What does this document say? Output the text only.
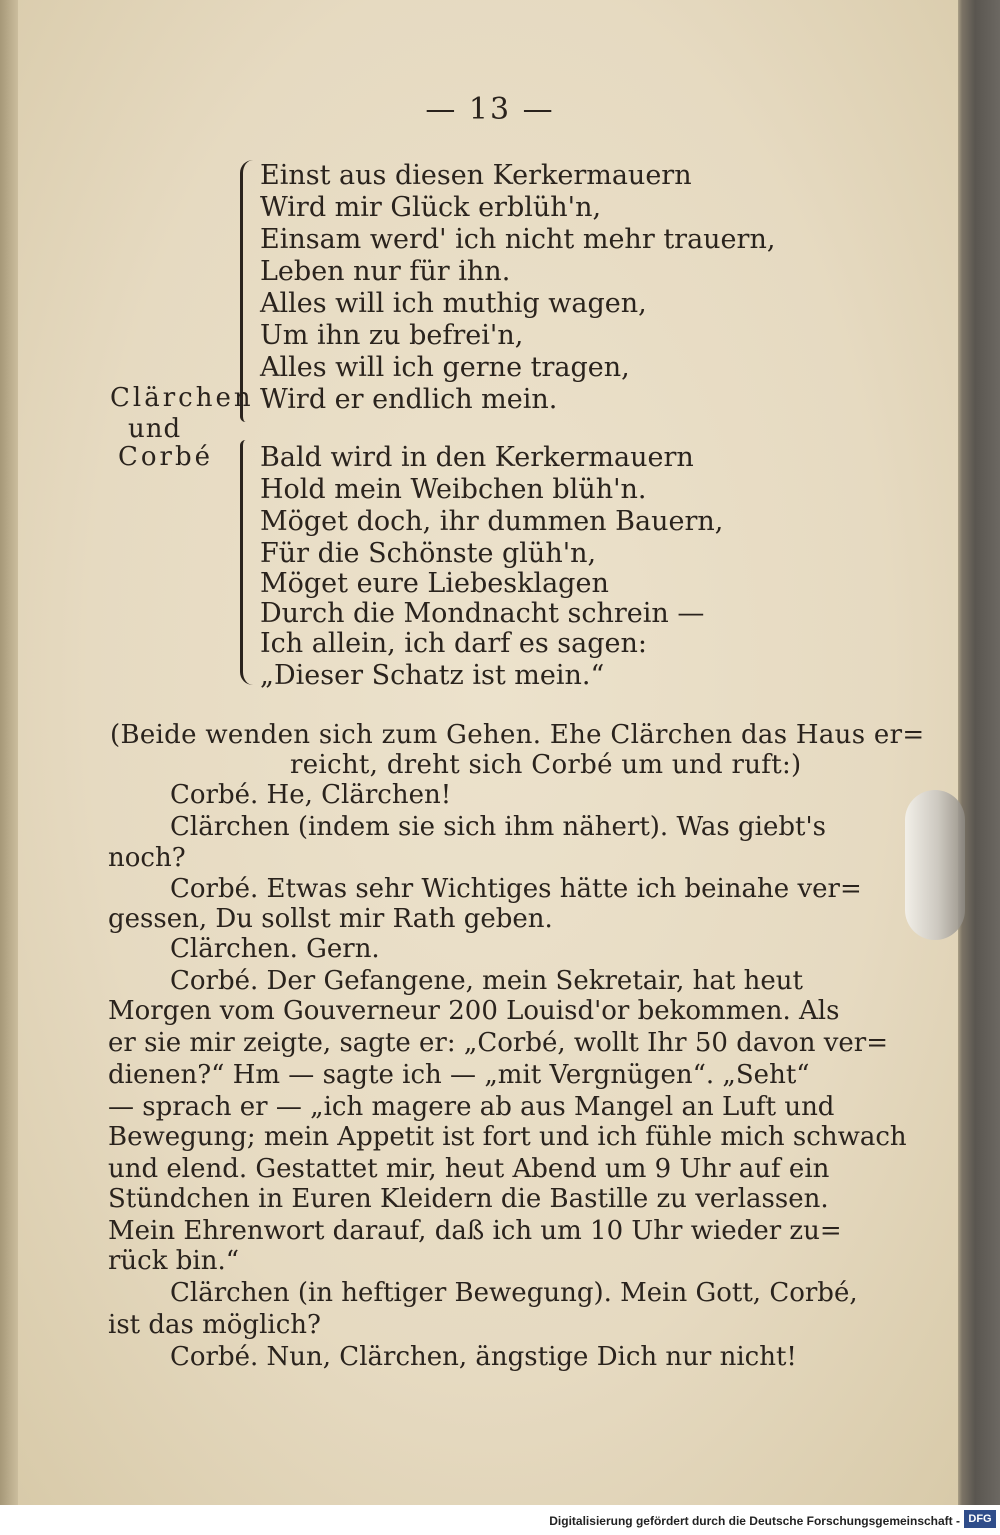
— 13 —
Einst aus diesen Kerkermauern
Wird mir Glück erblüh'n,
Einsam werd' ich nicht mehr trauern,
Leben nur für ihn.
Alles will ich muthig wagen,
Um ihn zu befrei'n,
Alles will ich gerne tragen,
Wird er endlich mein.
Clärchen
und
Corbé Bald wird in den Kerkermauern
Hold mein Weibchen blüh'n.
Möget doch, ihr dummen Bauern,
Für die Schönste glüh'n,
Möget eure Liebesklagen
Durch die Mondnacht schrein —
Ich allein, ich darf es sagen:
„Dieser Schatz ist mein.“
(Beide wenden sich zum Gehen. Ehe Clärchen das Haus er=
reicht, dreht sich Corbé um und ruft:)
Corbé. He, Clärchen!
Clärchen (indem sie sich ihm nähert). Was giebt's
noch?
Corbé. Etwas sehr Wichtiges hätte ich beinahe ver=
gessen, Du sollst mir Rath geben.
Clärchen. Gern.
Corbé. Der Gefangene, mein Sekretair, hat heut
Morgen vom Gouverneur 200 Louisd'or bekommen. Als
er sie mir zeigte, sagte er: „Corbé, wollt Ihr 50 davon ver=
dienen?“ Hm — sagte ich — „mit Vergnügen“. „Seht“
— sprach er — „ich magere ab aus Mangel an Luft und
Bewegung; mein Appetit ist fort und ich fühle mich schwach
und elend. Gestattet mir, heut Abend um 9 Uhr auf ein
Stündchen in Euren Kleidern die Bastille zu verlassen.
Mein Ehrenwort darauf, daß ich um 10 Uhr wieder zu=
rück bin.“
Clärchen (in heftiger Bewegung). Mein Gott, Corbé,
ist das möglich?
Corbé. Nun, Clärchen, ängstige Dich nur nicht!
Digitalisierung gefördert durch die Deutsche Forschungsgemeinschaft - DFG
